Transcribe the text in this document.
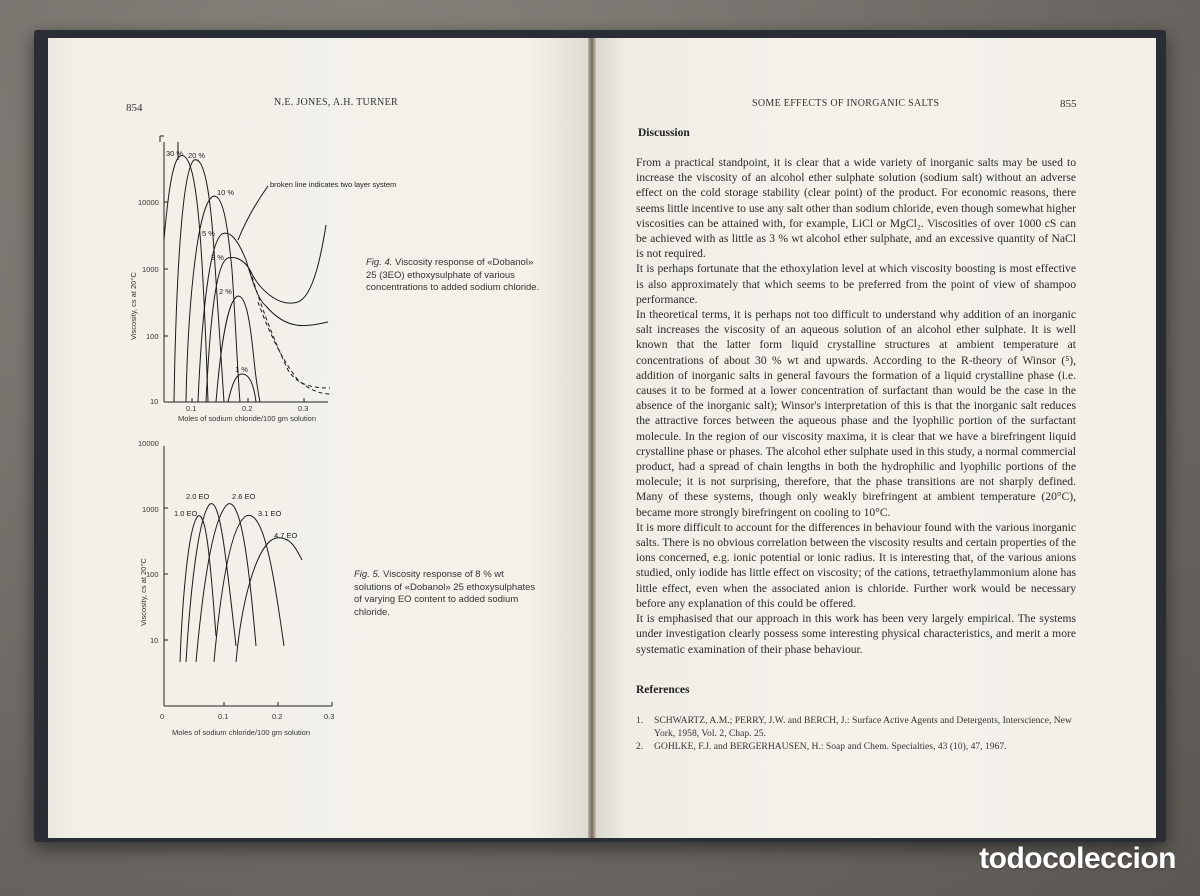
854	N.E. JONES, A.H. TURNER
10000
1000
100
10
0.1	0.2	0.3
Moles of sodium chloride/100 gm solution
Viscosity, cs at 20°C
30 % 20 %
10 %
5 %
3 %
2 %
1 %
broken line indicates two layer system
Fig. 4. Viscosity response of «Dobanol» 25 (3EO) ethoxysulphate of various concentrations to added sodium chloride.
10000
1000
100
10
0	0.1	0.2	0.3
Moles of sodium chloride/100 gm solution
Viscosity, cs at 20°C
1.0 EO
2.0 EO	2.6 EO
3.1 EO
4.7 EO
Fig. 5. Viscosity response of 8 % wt solutions of «Dobanol» 25 ethoxysulphates of varying EO content to added sodium chloride.
SOME EFFECTS OF INORGANIC SALTS	855
Discussion

From a practical standpoint, it is clear that a wide variety of inorganic salts may be used to increase the viscosity of an alcohol ether sulphate solution (sodium salt) without an adverse effect on the cold storage stability (clear point) of the product. For economic reasons, there seems little incentive to use any salt other than sodium chloride, even though somewhat higher viscosities can be attained with, for example, LiCl or MgCl₂. Viscosities of over 1000 cS can be achieved with as little as 3 % wt alcohol ether sulphate, and an excessive quantity of NaCl is not required.

It is perhaps fortunate that the ethoxylation level at which viscosity boosting is most effective is also approximately that which seems to be preferred from the point of view of shampoo performance.

In theoretical terms, it is perhaps not too difficult to understand why addition of an inorganic salt increases the viscosity of an aqueous solution of an alcohol ether sulphate. It is well known that the latter form liquid crystalline structures at ambient temperature at concentrations of about 30 % wt and upwards. According to the R-theory of Winsor (⁵), addition of inorganic salts in general favours the formation of a liquid crystalline phase (i.e. causes it to be formed at a lower concentration of surfactant than would be the case in the absence of the inorganic salt); Winsor's interpretation of this is that the inorganic salt reduces the attractive forces between the aqueous phase and the lyophilic portion of the surfactant molecule. In the region of our viscosity maxima, it is clear that we have a birefringent liquid crystalline phase or phases. The alcohol ether sulphate used in this study, a normal commercial product, had a spread of chain lengths in both the hydrophilic and lyophilic portions of the molecule; it is not surprising, therefore, that the phase transitions are not sharply defined. Many of these systems, though only weakly birefringent at ambient temperature (20°C), became more strongly birefringent on cooling to 10°C.

It is more difficult to account for the differences in behaviour found with the various inorganic salts. There is no obvious correlation between the viscosity results and certain properties of the ions concerned, e.g. ionic potential or ionic radius. It is interesting that, of the various anions studied, only iodide has little effect on viscosity; of the cations, tetraethylammonium alone has little effect, even when the associated anion is chloride. Further work would be necessary before any explanation of this could be offered.

It is emphasised that our approach in this work has been very largely empirical. The systems under investigation clearly possess some interesting physical characteristics, and merit a more systematic examination of their phase behaviour.

References
1.	SCHWARTZ, A.M.; PERRY, J.W. and BERCH, J.: Surface Active Agents and Detergents, Interscience, New York, 1958, Vol. 2, Chap. 25.
2.	GOHLKE, F.J. and BERGERHAUSEN, H.: Soap and Chem. Specialties, 43 (10), 47, 1967.
todocoleccion
